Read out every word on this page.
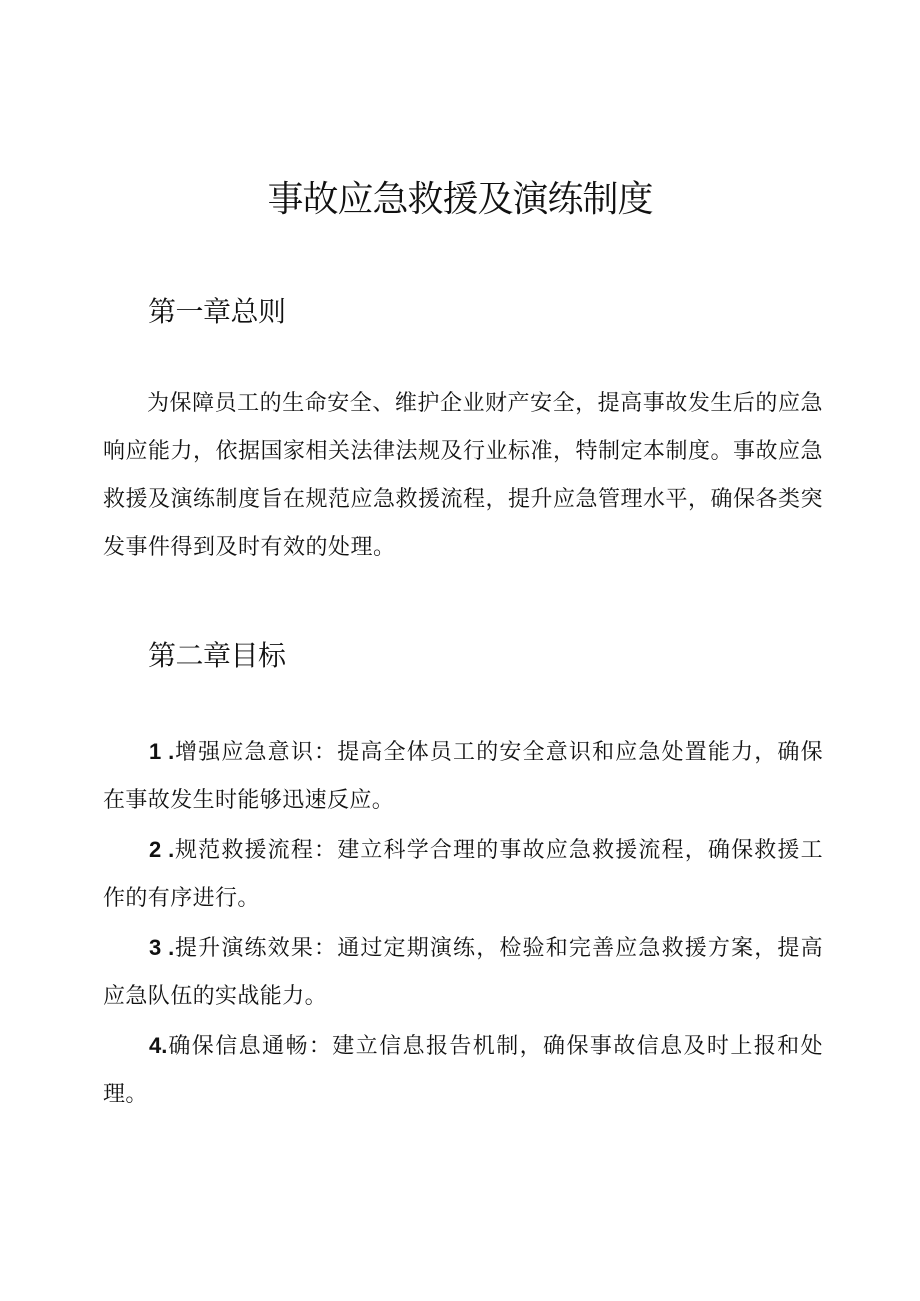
事故应急救援及演练制度
第一章总则

为保障员工的生命安全、维护企业财产安全，提高事故发生后的应急响应能力，依据国家相关法律法规及行业标准，特制定本制度。事故应急救援及演练制度旨在规范应急救援流程，提升应急管理水平，确保各类突发事件得到及时有效的处理。

第二章目标

1 .增强应急意识：提高全体员工的安全意识和应急处置能力，确保在事故发生时能够迅速反应。

2 .规范救援流程：建立科学合理的事故应急救援流程，确保救援工作的有序进行。

3 .提升演练效果：通过定期演练，检验和完善应急救援方案，提高应急队伍的实战能力。

4.确保信息通畅：建立信息报告机制，确保事故信息及时上报和处理。
